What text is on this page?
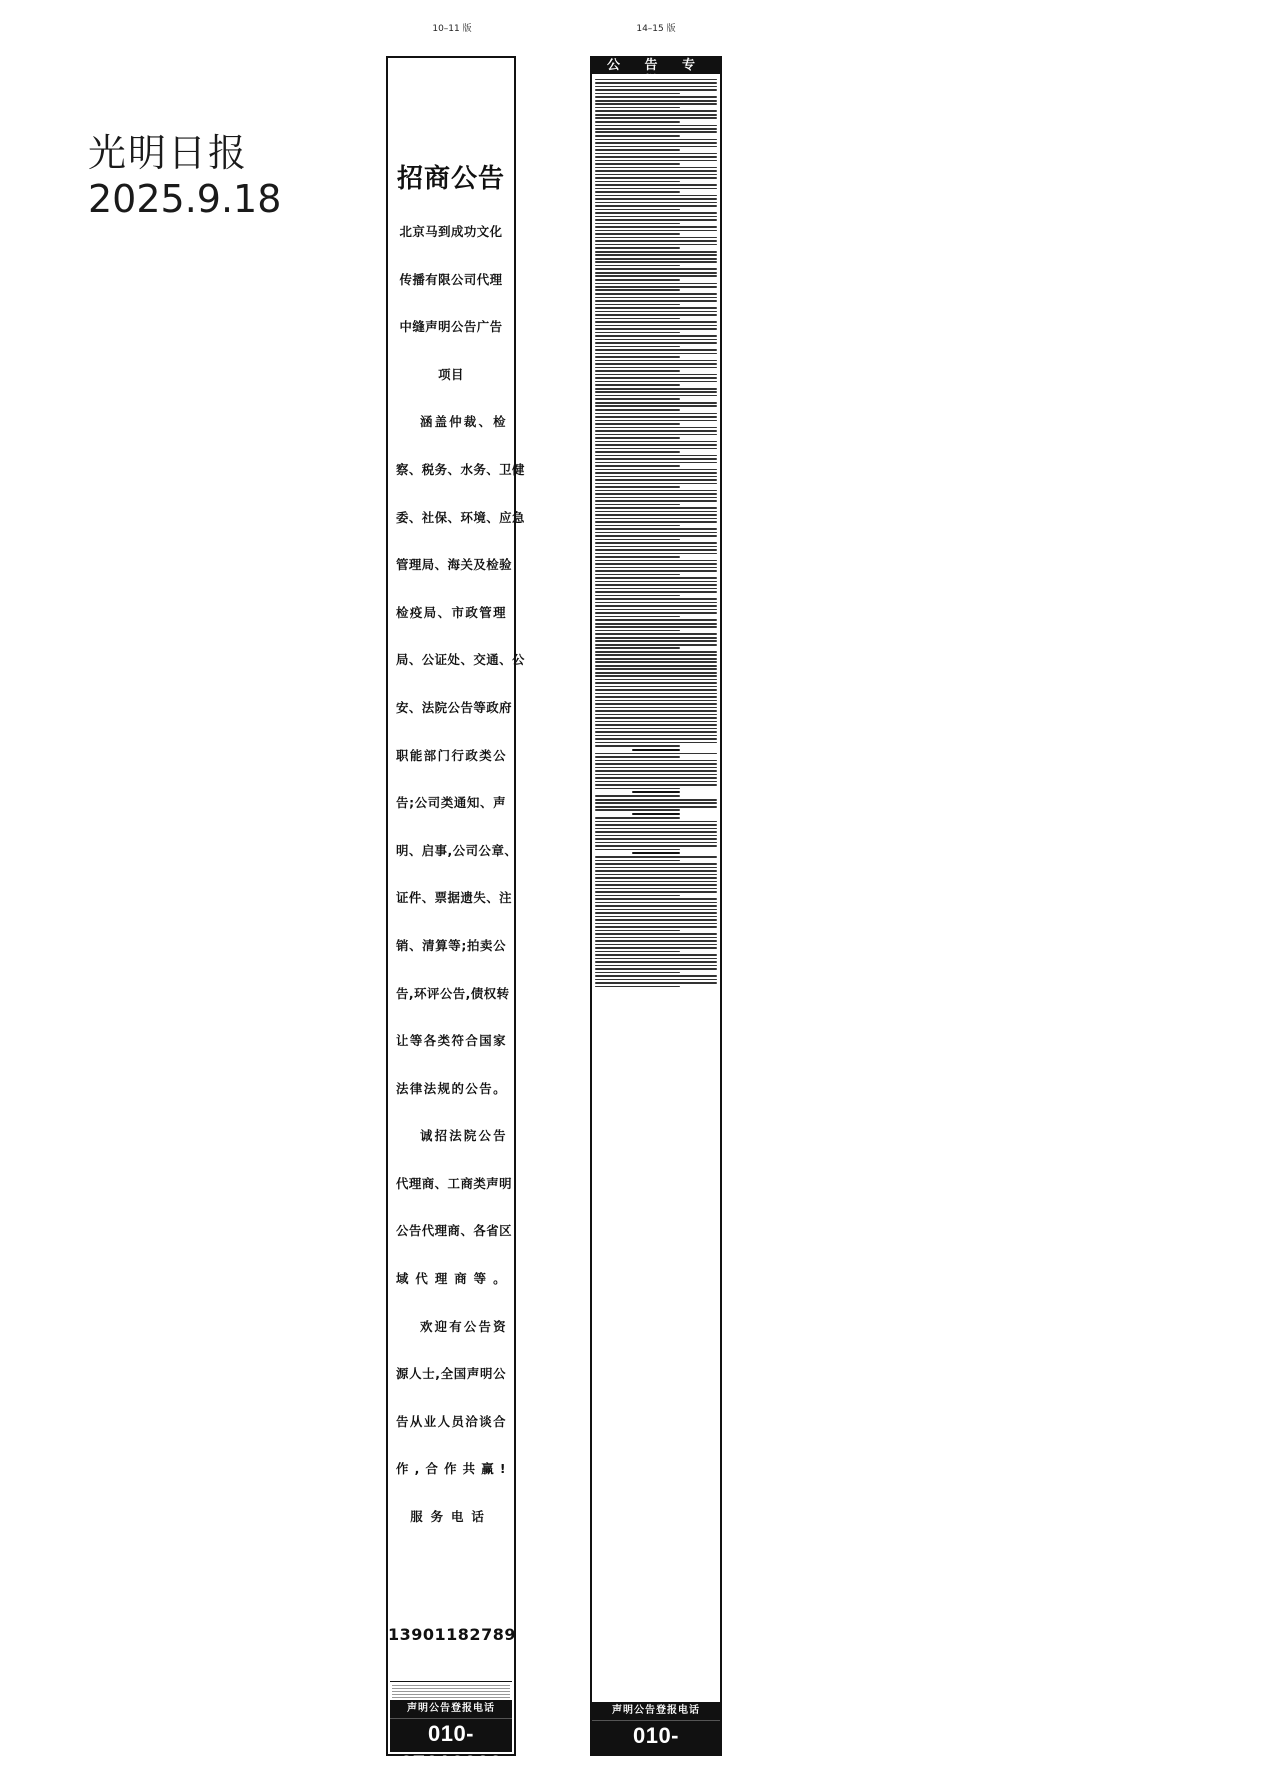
光明日报
2025.9.18
10–11 版	14–15 版
招商公告
北京马到成功文化
传播有限公司代理
中缝声明公告广告
项目
涵盖仲裁、检
察、税务、水务、卫健
委、社保、环境、应急
管理局、海关及检验
检疫局、市政管理
局、公证处、交通、公
安、法院公告等政府
职能部门行政类公
告;公司类通知、声
明、启事,公司公章、
证件、票据遗失、注
销、清算等;拍卖公
告,环评公告,债权转
让等各类符合国家
法律法规的公告。
诚招法院公告
代理商、工商类声明
公告代理商、各省区
域代理商等。
欢迎有公告资
源人士,全国声明公
告从业人员洽谈合
作,合作共赢!
服务电话
13901182789
声明公告登报电话
010-67616666
公 告 专
声明公告登报电话
010-67616666
